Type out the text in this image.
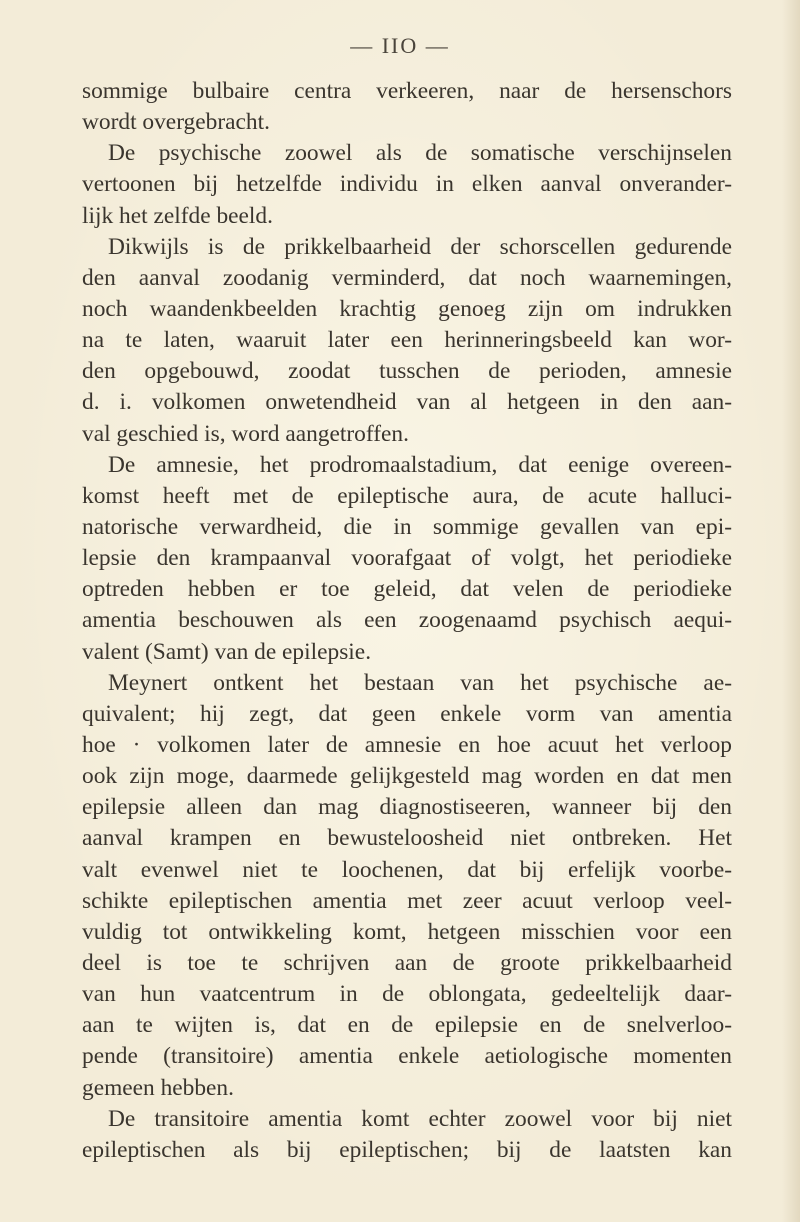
— IIO —
sommige bulbaire centra verkeeren, naar de hersenschors
wordt overgebracht.
De psychische zoowel als de somatische verschijnselen
vertoonen bij hetzelfde individu in elken aanval onverander-
lijk het zelfde beeld.
Dikwijls is de prikkelbaarheid der schorscellen gedurende
den aanval zoodanig verminderd, dat noch waarnemingen,
noch waandenkbeelden krachtig genoeg zijn om indrukken
na te laten, waaruit later een herinneringsbeeld kan wor-
den opgebouwd, zoodat tusschen de perioden, amnesie
d. i. volkomen onwetendheid van al hetgeen in den aan-
val geschied is, word aangetroffen.
De amnesie, het prodromaalstadium, dat eenige overeen-
komst heeft met de epileptische aura, de acute halluci-
natorische verwardheid, die in sommige gevallen van epi-
lepsie den krampaanval voorafgaat of volgt, het periodieke
optreden hebben er toe geleid, dat velen de periodieke
amentia beschouwen als een zoogenaamd psychisch aequi-
valent (Samt) van de epilepsie.
Meynert ontkent het bestaan van het psychische ae-
quivalent; hij zegt, dat geen enkele vorm van amentia
hoe · volkomen later de amnesie en hoe acuut het verloop
ook zijn moge, daarmede gelijkgesteld mag worden en dat men
epilepsie alleen dan mag diagnostiseeren, wanneer bij den
aanval krampen en bewusteloosheid niet ontbreken. Het
valt evenwel niet te loochenen, dat bij erfelijk voorbe-
schikte epileptischen amentia met zeer acuut verloop veel-
vuldig tot ontwikkeling komt, hetgeen misschien voor een
deel is toe te schrijven aan de groote prikkelbaarheid
van hun vaatcentrum in de oblongata, gedeeltelijk daar-
aan te wijten is, dat en de epilepsie en de snelverloo-
pende (transitoire) amentia enkele aetiologische momenten
gemeen hebben.
De transitoire amentia komt echter zoowel voor bij niet
epileptischen als bij epileptischen; bij de laatsten kan
